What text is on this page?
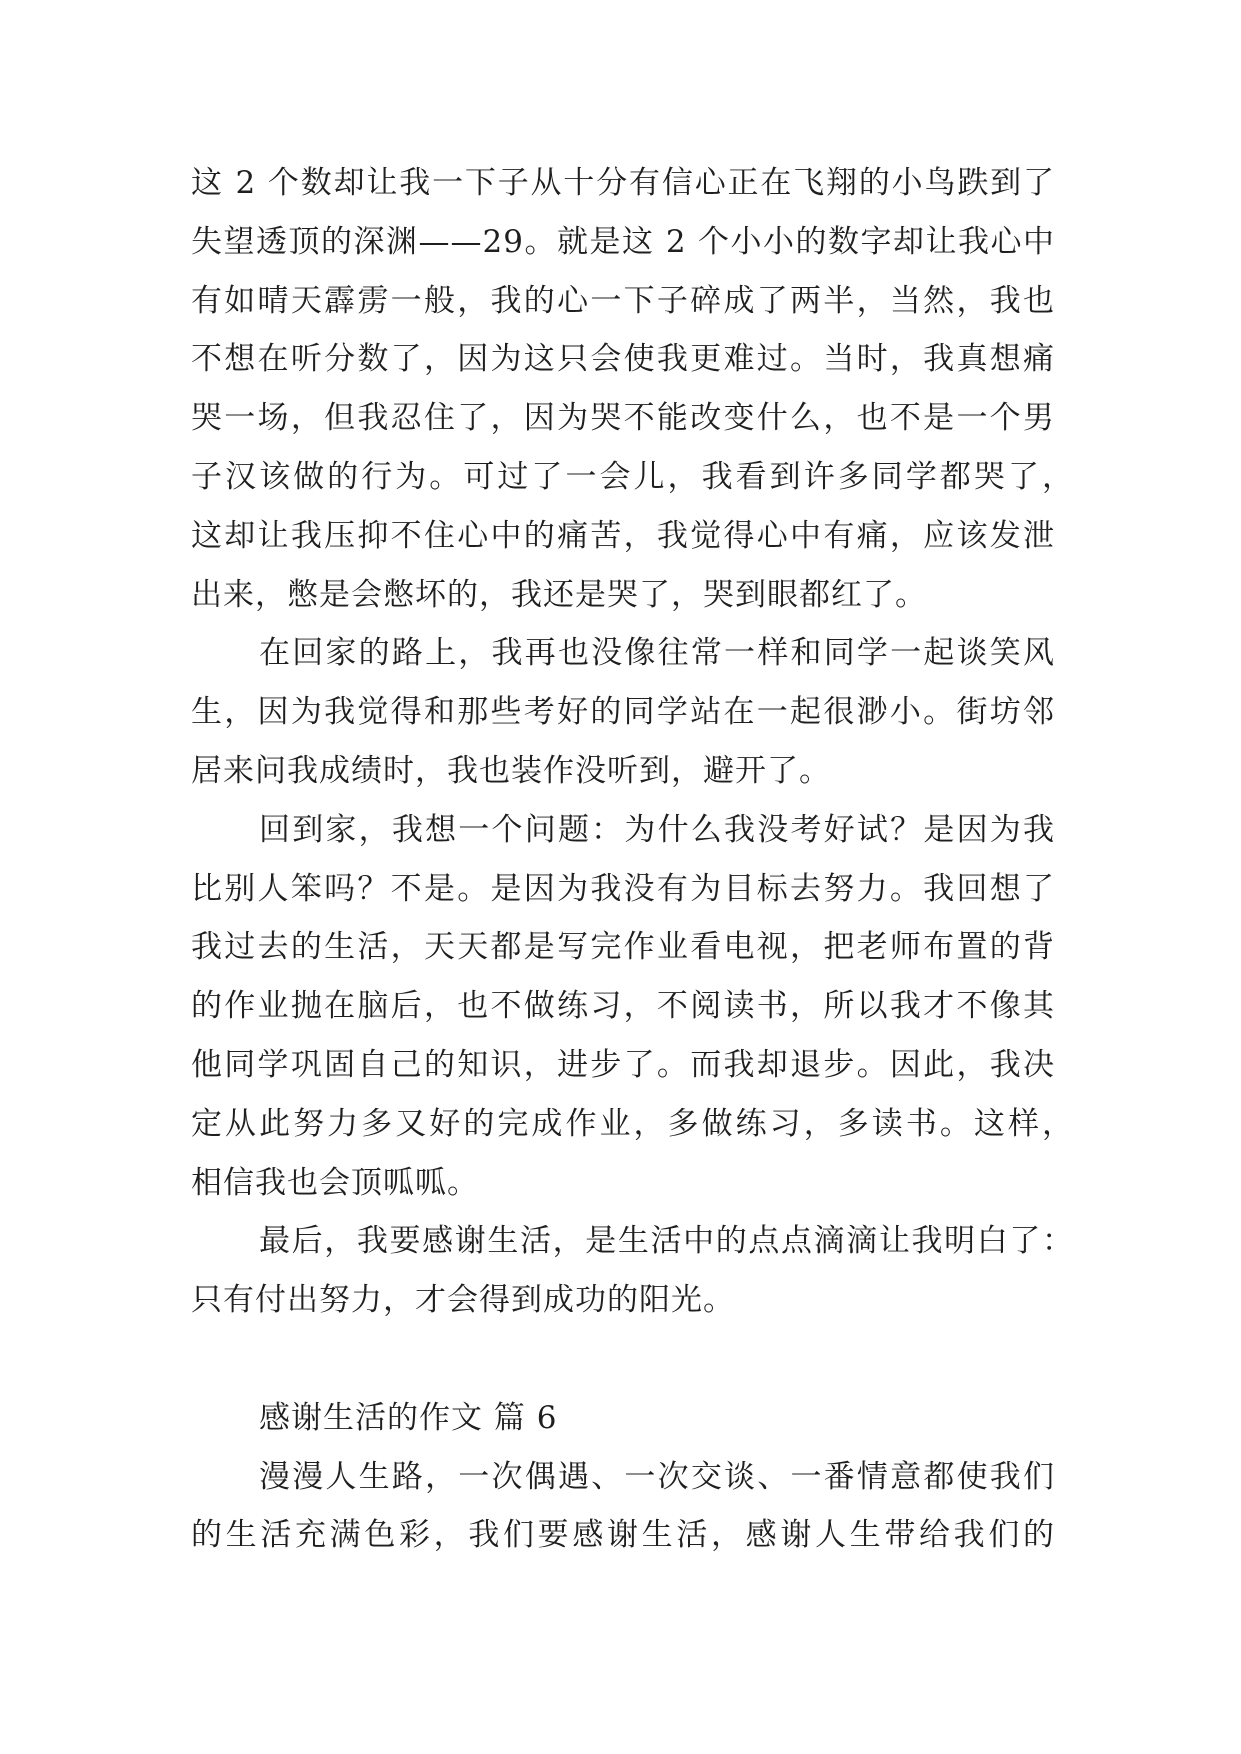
这 2 个数却让我一下子从十分有信心正在飞翔的小鸟跌到了
失望透顶的深渊——29。就是这 2 个小小的数字却让我心中
有如晴天霹雳一般，我的心一下子碎成了两半，当然，我也
不想在听分数了，因为这只会使我更难过。当时，我真想痛
哭一场，但我忍住了，因为哭不能改变什么，也不是一个男
子汉该做的行为。可过了一会儿，我看到许多同学都哭了，
这却让我压抑不住心中的痛苦，我觉得心中有痛，应该发泄
出来，憋是会憋坏的，我还是哭了，哭到眼都红了。
在回家的路上，我再也没像往常一样和同学一起谈笑风
生，因为我觉得和那些考好的同学站在一起很渺小。街坊邻
居来问我成绩时，我也装作没听到，避开了。
回到家，我想一个问题：为什么我没考好试？是因为我
比别人笨吗？不是。是因为我没有为目标去努力。我回想了
我过去的生活，天天都是写完作业看电视，把老师布置的背
的作业抛在脑后，也不做练习，不阅读书，所以我才不像其
他同学巩固自己的知识，进步了。而我却退步。因此，我决
定从此努力多又好的完成作业，多做练习，多读书。这样，
相信我也会顶呱呱。
最后，我要感谢生活，是生活中的点点滴滴让我明白了：
只有付出努力，才会得到成功的阳光。
感谢生活的作文 篇 6
漫漫人生路，一次偶遇、一次交谈、一番情意都使我们
的生活充满色彩，我们要感谢生活，感谢人生带给我们的
